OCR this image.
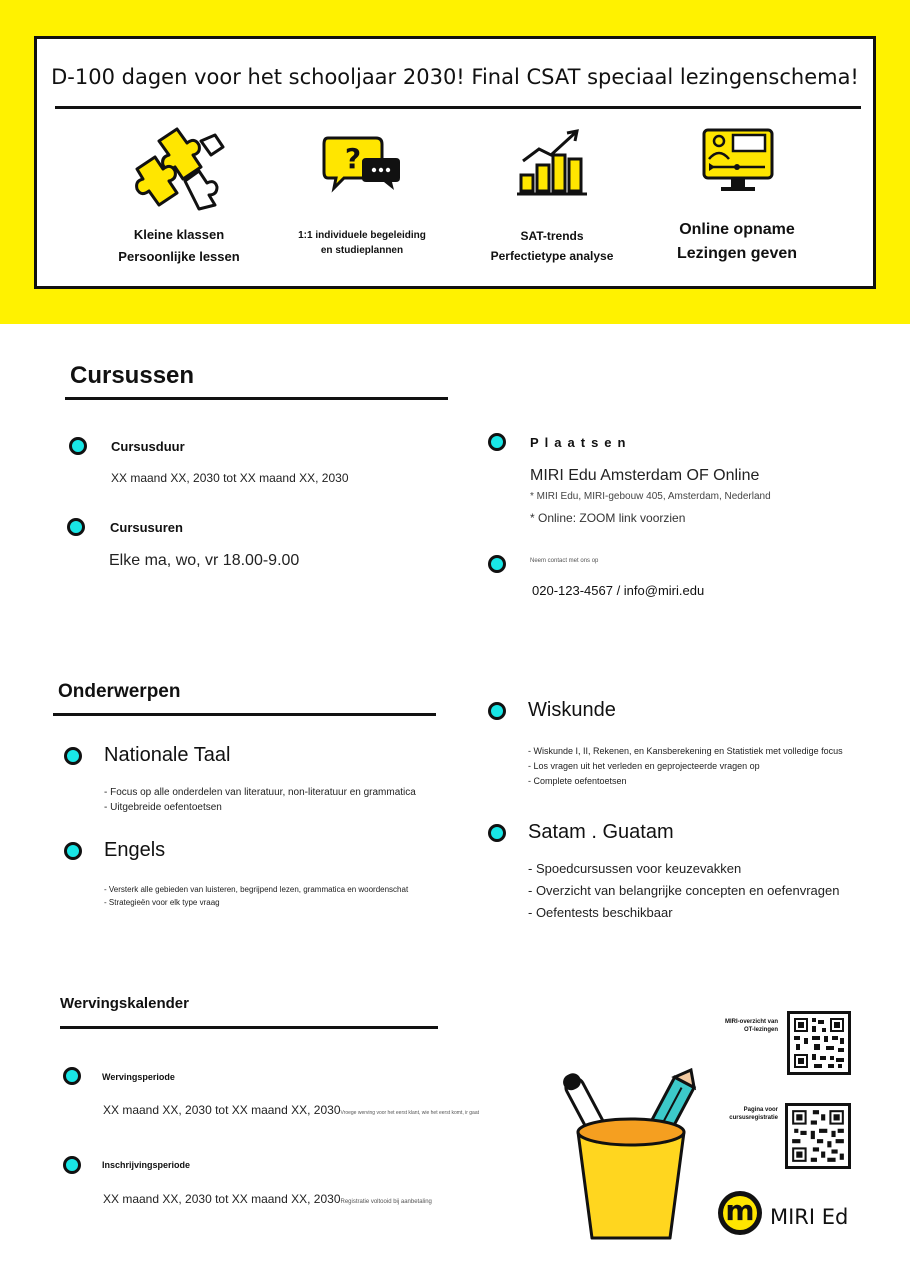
D-100 dagen voor het schooljaar 2030! Final CSAT speciaal lezingenschema!
Kleine klassen
Persoonlijke lessen
?
1:1 individuele begeleiding
en studieplannen
SAT-trends
Perfectietype analyse
Online opname
Lezingen geven
Cursussen
Cursusduur
XX maand XX, 2030 tot XX maand XX, 2030
Cursusuren
Elke ma, wo, vr 18.00-9.00
Plaatsen
MIRI Edu Amsterdam OF Online
* MIRI Edu, MIRI-gebouw 405, Amsterdam, Nederland
* Online: ZOOM link voorzien
Neem contact met ons op
020-123-4567 / info@miri.edu
Onderwerpen
Nationale Taal
- Focus op alle onderdelen van literatuur, non-literatuur en grammatica
- Uitgebreide oefentoetsen
Engels
- Versterk alle gebieden van luisteren, begrijpend lezen, grammatica en woordenschat
- Strategieën voor elk type vraag
Wiskunde
- Wiskunde I, II, Rekenen, en Kansberekening en Statistiek met volledige focus
- Los vragen uit het verleden en geprojecteerde vragen op
- Complete oefentoetsen
Satam . Guatam
- Spoedcursussen voor keuzevakken
- Overzicht van belangrijke concepten en oefenvragen
- Oefentests beschikbaar
Wervingskalender
Wervingsperiode
XX maand XX, 2030 tot XX maand XX, 2030Vroege werving voor het eerst klant, wie het eerst komt, ir gaat
Inschrijvingsperiode
XX maand XX, 2030 tot XX maand XX, 2030Registratie voltooid bij aanbetaling
MIRI-overzicht van OT-lezingen
Pagina voor cursusregistratie
m MIRI Ed
